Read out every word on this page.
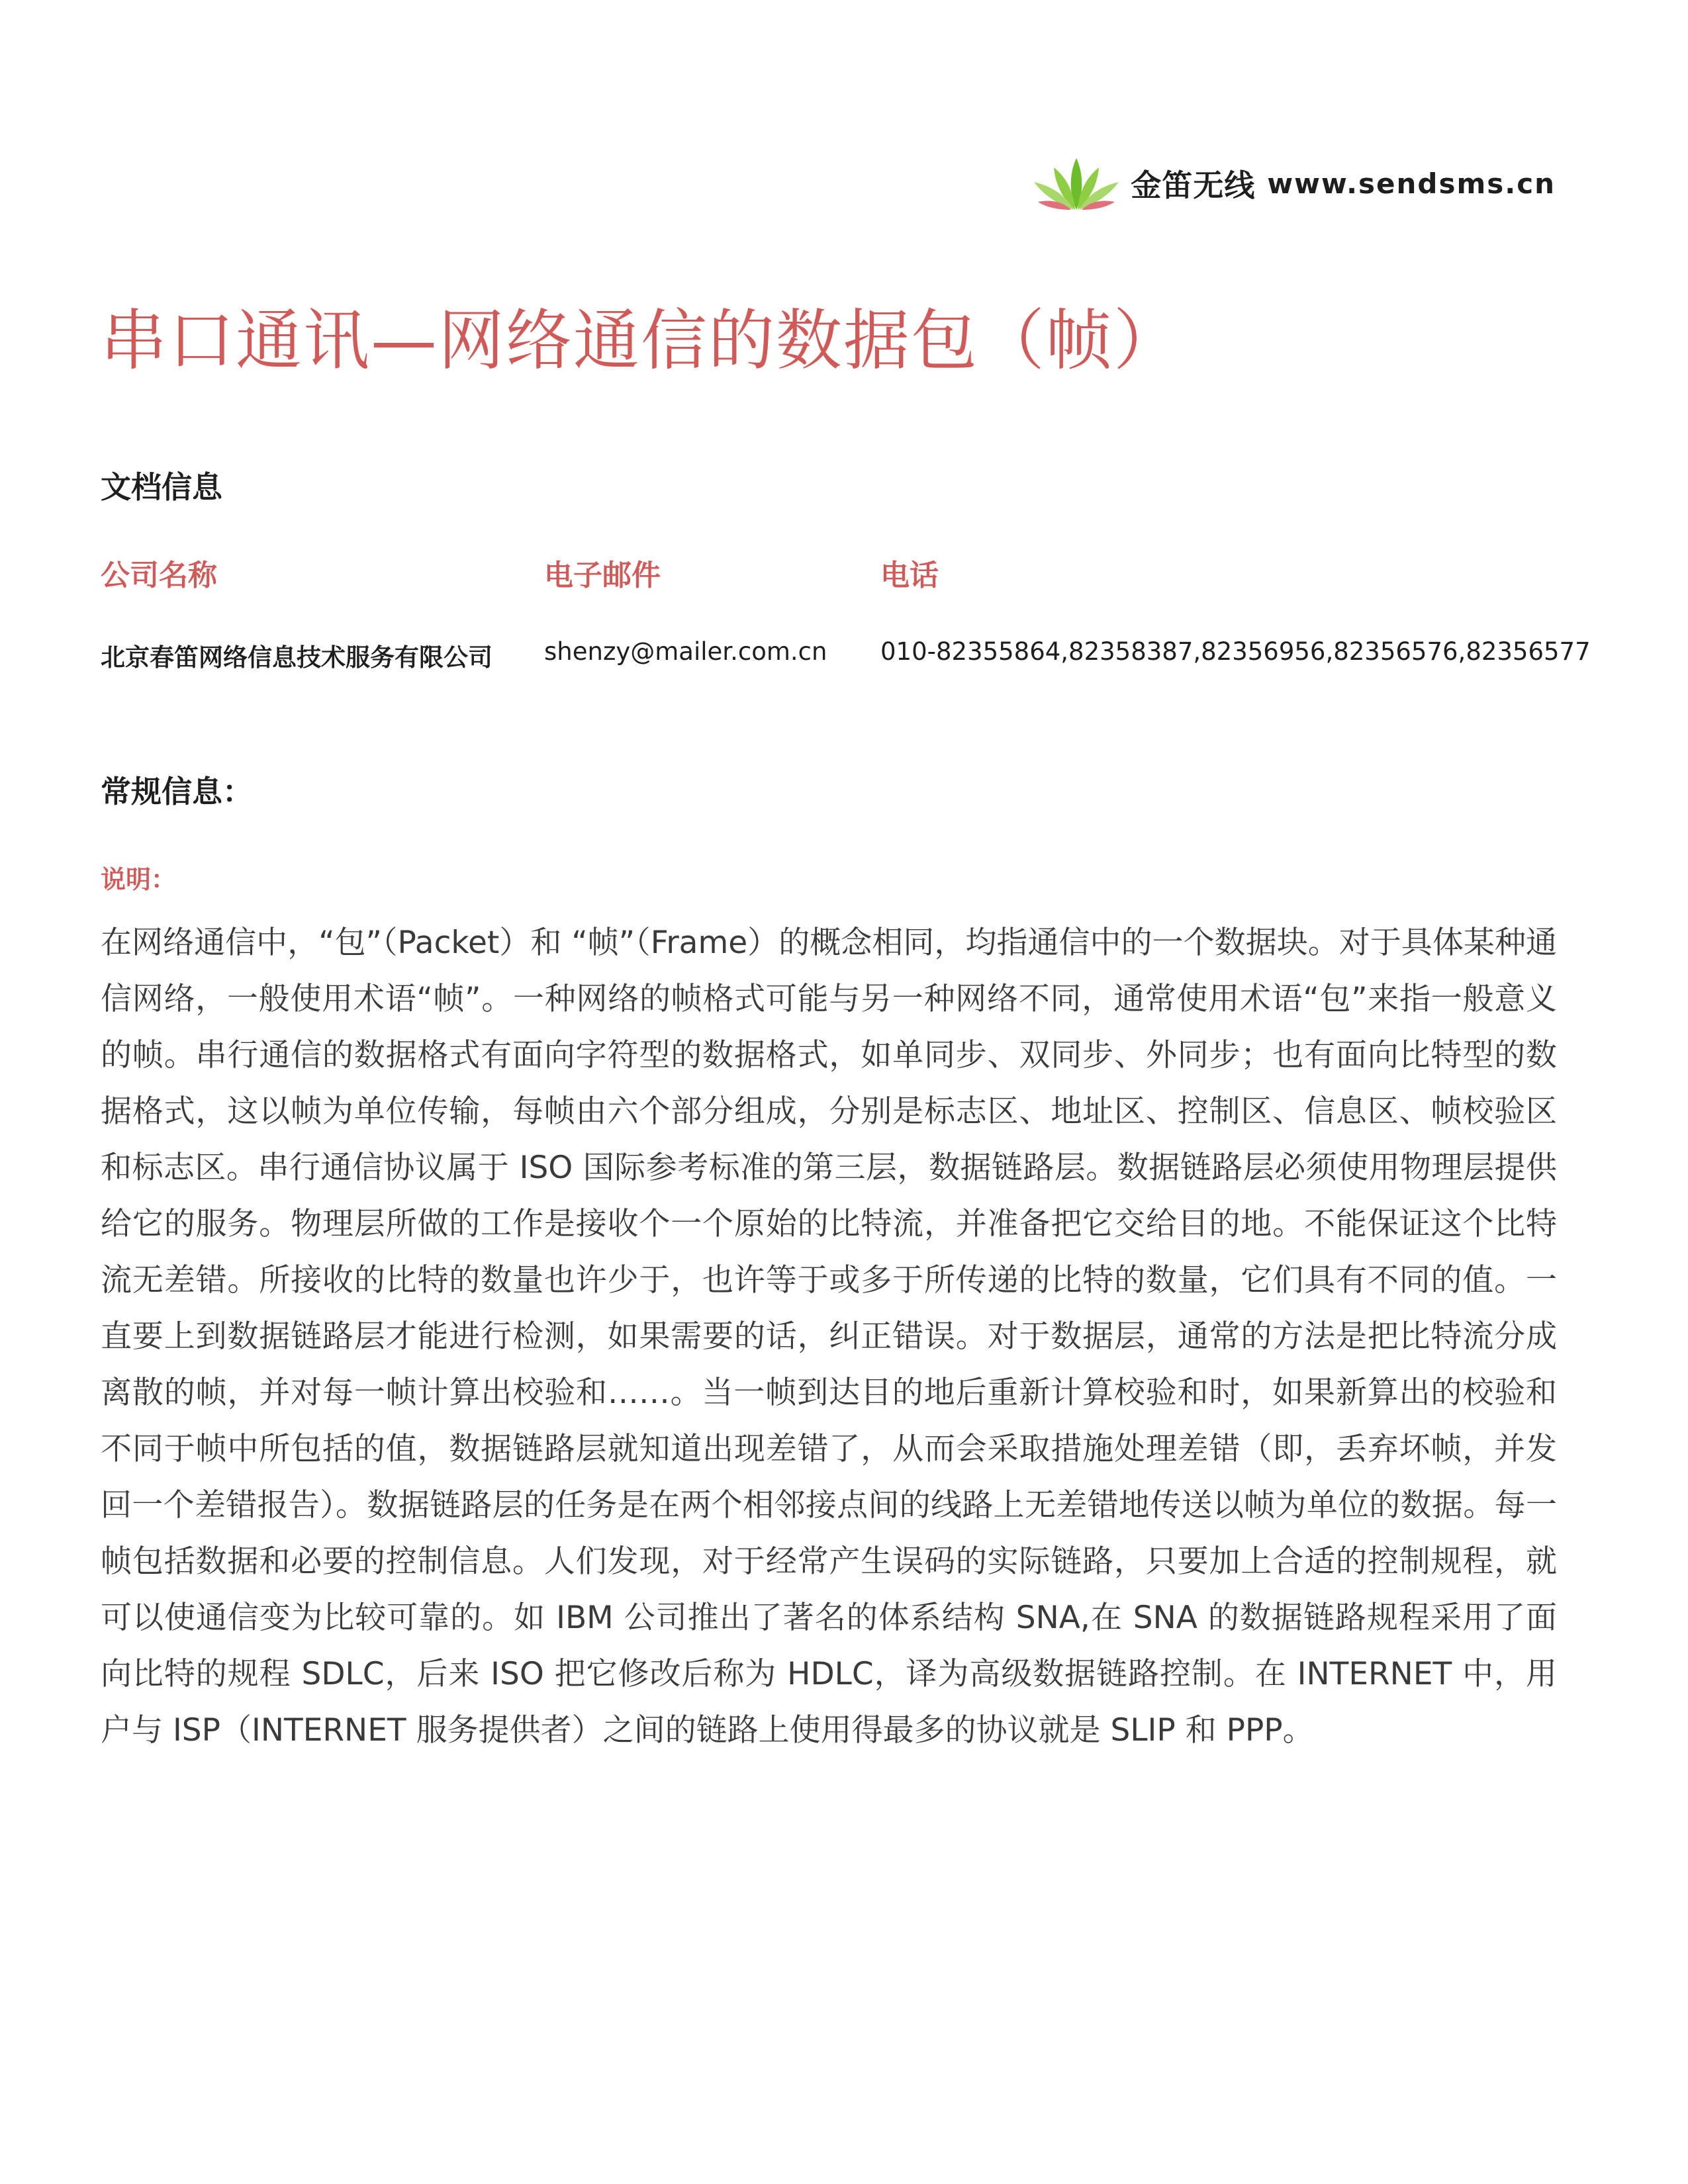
金笛无线 www.sendsms.cn
串口通讯—网络通信的数据包（帧）
文档信息
公司名称	电子邮件	电话
北京春笛网络信息技术服务有限公司 shenzy@mailer.com.cn 010-82355864,82358387,82356956,82356576,82356577
常规信息：
说明：
在网络通信中，“包”（Packet）和 “帧”（Frame）的概念相同，均指通信中的一个数据块。对于具体某种通信网络，一般使用术语“帧”。一种网络的帧格式可能与另一种网络不同，通常使用术语“包”来指一般意义的帧。串行通信的数据格式有面向字符型的数据格式，如单同步、双同步、外同步；也有面向比特型的数据格式，这以帧为单位传输，每帧由六个部分组成，分别是标志区、地址区、控制区、信息区、帧校验区和标志区。串行通信协议属于 ISO 国际参考标准的第三层，数据链路层。数据链路层必须使用物理层提供给它的服务。物理层所做的工作是接收个一个原始的比特流，并准备把它交给目的地。不能保证这个比特流无差错。所接收的比特的数量也许少于，也许等于或多于所传递的比特的数量，它们具有不同的值。一直要上到数据链路层才能进行检测，如果需要的话，纠正错误。对于数据层，通常的方法是把比特流分成离散的帧，并对每一帧计算出校验和……。当一帧到达目的地后重新计算校验和时，如果新算出的校验和不同于帧中所包括的值，数据链路层就知道出现差错了，从而会采取措施处理差错（即，丢弃坏帧，并发回一个差错报告）。数据链路层的任务是在两个相邻接点间的线路上无差错地传送以帧为单位的数据。每一帧包括数据和必要的控制信息。人们发现，对于经常产生误码的实际链路，只要加上合适的控制规程，就可以使通信变为比较可靠的。如 IBM 公司推出了著名的体系结构 SNA,在 SNA 的数据链路规程采用了面向比特的规程 SDLC，后来 ISO 把它修改后称为 HDLC，译为高级数据链路控制。在 INTERNET 中，用户与 ISP（INTERNET 服务提供者）之间的链路上使用得最多的协议就是 SLIP 和 PPP。
